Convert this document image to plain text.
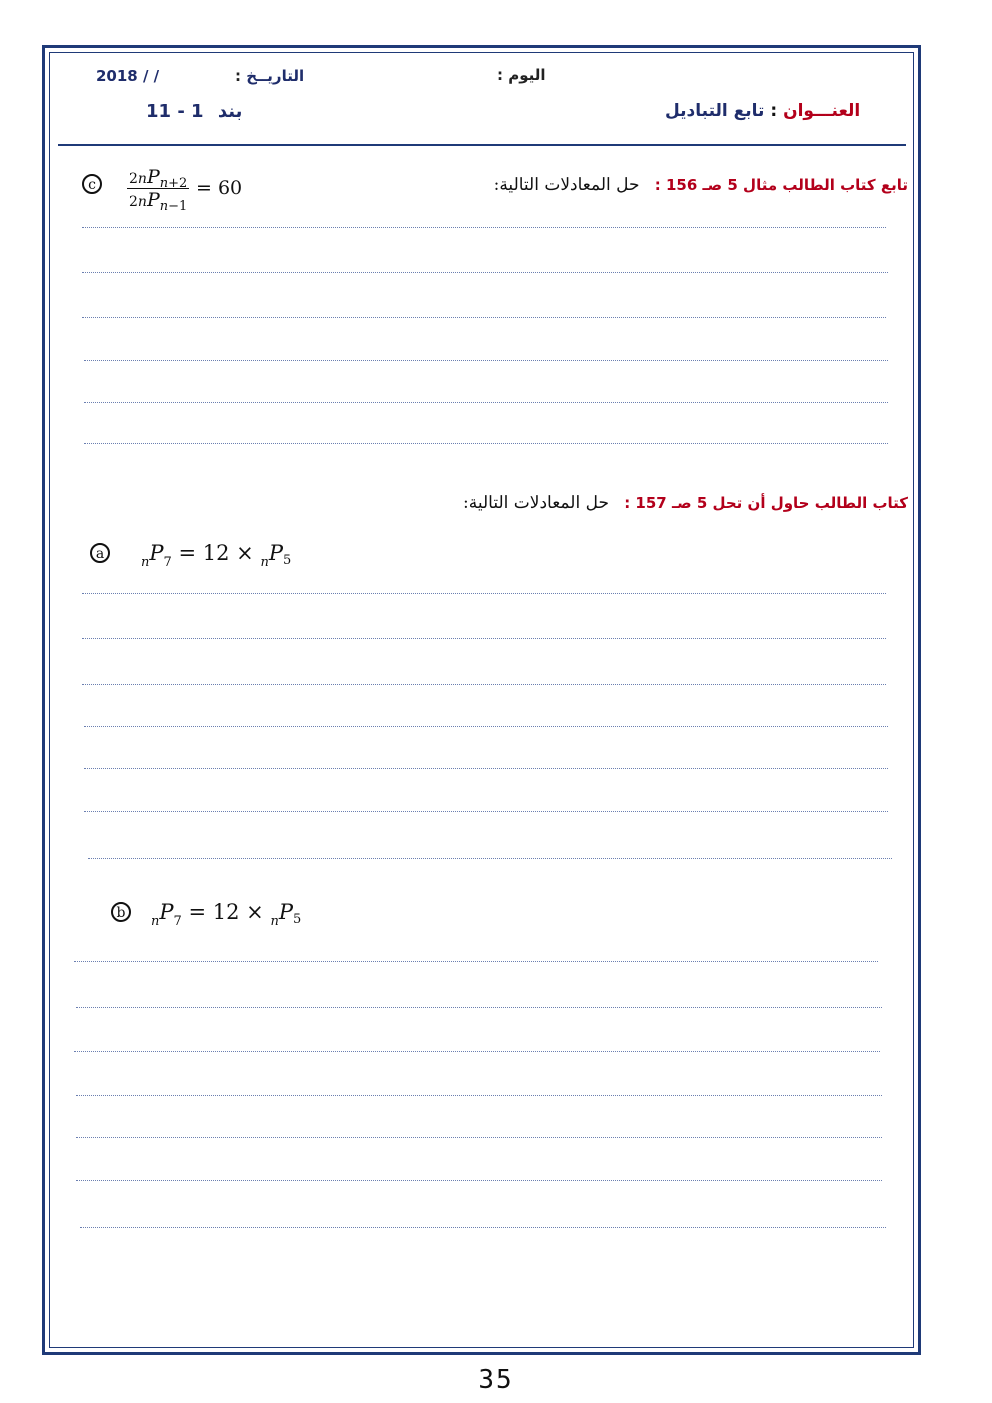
2018 / /	التاريــخ :	اليوم :
11 - 1 بند	العنـــوان : تابع التباديل
تابع كتاب الطالب مثال 5 صـ 156 : حل المعادلات التالية:
c	$\frac{\text{2nPn+2}}{\text{2nPn−1}} = 60$
كتاب الطالب حاول أن تحل 5 صـ 157 : حل المعادلات التالية:
a
$_nP_7 = 12 \times _nP5$
b
$_nP_7 = 12 \times _nP5$
35
